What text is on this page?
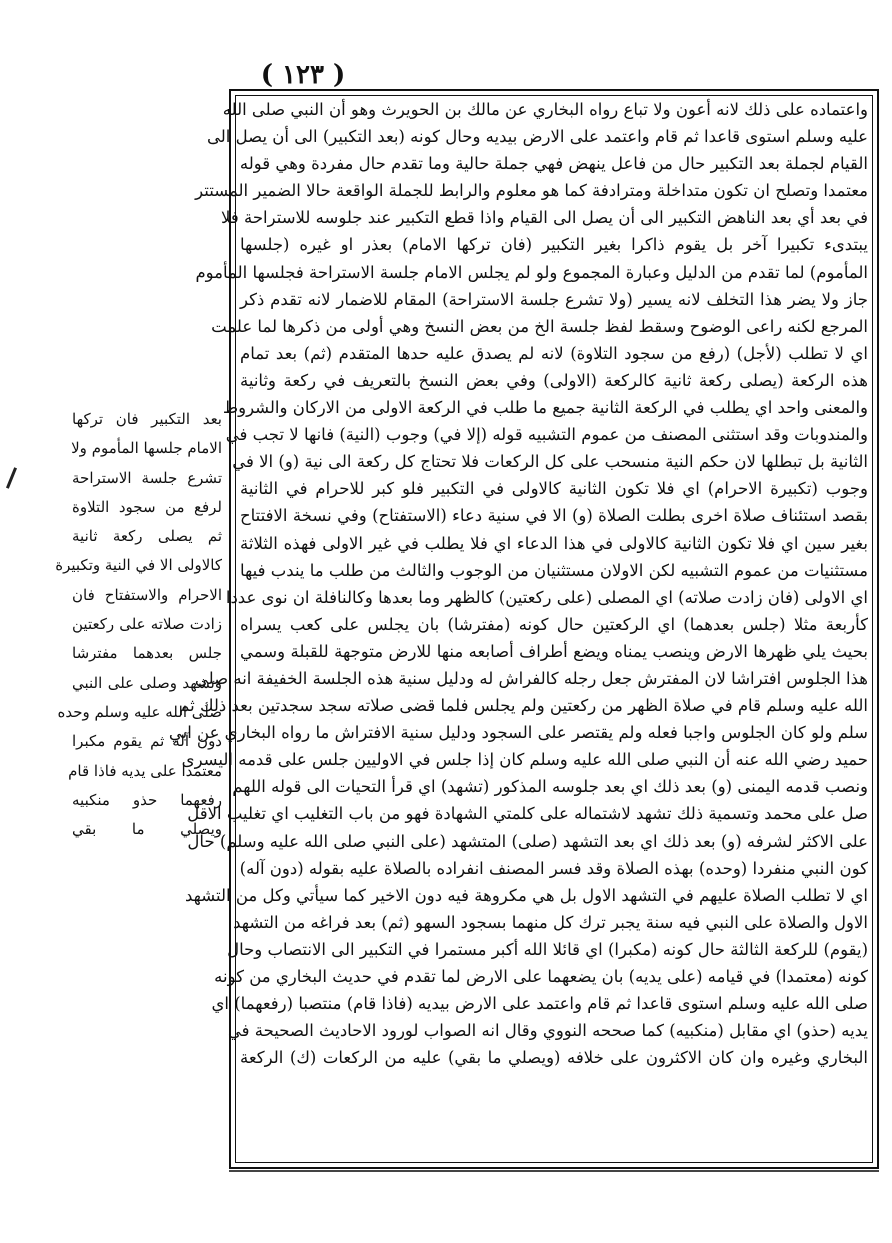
( ١٢٣ )
واعتماده على ذلك لانه أعون ولا تباع رواه البخاري عن مالك بن الحويرث وهو أن النبي صلى الله
عليه وسلم استوى قاعدا ثم قام واعتمد على الارض بيديه وحال كونه (بعد التكبير) الى أن يصل الى
القيام لجملة بعد التكبير حال من فاعل ينهض فهي جملة حالية وما تقدم حال مفردة وهي قوله
معتمدا وتصلح ان تكون متداخلة ومترادفة كما هو معلوم والرابط للجملة الواقعة حالا الضمير المستتر
في بعد أي بعد الناهض التكبير الى أن يصل الى القيام واذا قطع التكبير عند جلوسه للاستراحة فلا
يبتدىء تكبيرا آخر بل يقوم ذاكرا بغير التكبير (فان تركها الامام) بعذر او غيره (جلسها
المأموم) لما تقدم من الدليل وعبارة المجموع ولو لم يجلس الامام جلسة الاستراحة فجلسها المأموم
جاز ولا يضر هذا التخلف لانه يسير (ولا تشرع جلسة الاستراحة) المقام للاضمار لانه تقدم ذكر
المرجع لكنه راعى الوضوح وسقط لفظ جلسة الخ من بعض النسخ وهي أولى من ذكرها لما علمت
اي لا تطلب (لأجل) (رفع من سجود التلاوة) لانه لم يصدق عليه حدها المتقدم (ثم) بعد تمام
هذه الركعة (يصلى ركعة ثانية كالركعة (الاولى) وفي بعض النسخ بالتعريف في ركعة وثانية
والمعنى واحد اي يطلب في الركعة الثانية جميع ما طلب في الركعة الاولى من الاركان والشروط
والمندوبات وقد استثنى المصنف من عموم التشبيه قوله (إلا في) وجوب (النية) فانها لا تجب في
الثانية بل تبطلها لان حكم النية منسحب على كل الركعات فلا تحتاج كل ركعة الى نية (و) الا في
وجوب (تكبيرة الاحرام) اي فلا تكون الثانية كالاولى في التكبير فلو كبر للاحرام في الثانية
بقصد استئناف صلاة اخرى بطلت الصلاة (و) الا في سنية دعاء (الاستفتاح) وفي نسخة الافتتاح
بغير سين اي فلا تكون الثانية كالاولى في هذا الدعاء اي فلا يطلب في غير الاولى فهذه الثلاثة
مستثنيات من عموم التشبيه لكن الاولان مستثنيان من الوجوب والثالث من طلب ما يندب فيها
اي الاولى (فان زادت صلاته) اي المصلى (على ركعتين) كالظهر وما بعدها وكالنافلة ان نوى عددا
كأربعة مثلا (جلس بعدهما) اي الركعتين حال كونه (مفترشا) بان يجلس على كعب يسراه
بحيث يلي ظهرها الارض وينصب يمناه ويضع أطراف أصابعه منها للارض متوجهة للقبلة وسمي
هذا الجلوس افتراشا لان المفترش جعل رجله كالفراش له ودليل سنية هذه الجلسة الخفيفة انه صلى
الله عليه وسلم قام في صلاة الظهر من ركعتين ولم يجلس فلما قضى صلاته سجد سجدتين بعد ذلك ثم
سلم ولو كان الجلوس واجبا فعله ولم يقتصر على السجود ودليل سنية الافتراش ما رواه البخاري عن ابي
حميد رضي الله عنه أن النبي صلى الله عليه وسلم كان إذا جلس في الاوليين جلس على قدمه اليسرى
ونصب قدمه اليمنى (و) بعد ذلك اي بعد جلوسه المذكور (تشهد) اي قرأ التحيات الى قوله اللهم
صل على محمد وتسمية ذلك تشهد لاشتماله على كلمتي الشهادة فهو من باب التغليب اي تغليب الاقل
على الاكثر لشرفه (و) بعد ذلك اي بعد التشهد (صلى) المتشهد (على النبي صلى الله عليه وسلم) حال
كون النبي منفردا (وحده) بهذه الصلاة وقد فسر المصنف انفراده بالصلاة عليه بقوله (دون آله)
اي لا تطلب الصلاة عليهم في التشهد الاول بل هي مكروهة فيه دون الاخير كما سيأتي وكل من التشهد
الاول والصلاة على النبي فيه سنة يجبر ترك كل منهما بسجود السهو (ثم) بعد فراغه من التشهد
(يقوم) للركعة الثالثة حال كونه (مكبرا) اي قائلا الله أكبر مستمرا في التكبير الى الانتصاب وحال
كونه (معتمدا) في قيامه (على يديه) بان يضعهما على الارض لما تقدم في حديث البخاري من كونه
صلى الله عليه وسلم استوى قاعدا ثم قام واعتمد على الارض بيديه (فاذا قام) منتصبا (رفعهما) اي
يديه (حذو) اي مقابل (منكبيه) كما صححه النووي وقال انه الصواب لورود الاحاديث الصحيحة في
البخاري وغيره وان كان الاكثرون على خلافه (ويصلي ما بقي) عليه من الركعات (ك) الركعة
بعد التكبير فان تركها
الامام جلسها المأموم ولا
تشرع جلسة الاستراحة
لرفع من سجود التلاوة
ثم يصلى ركعة ثانية
كالاولى الا في النية وتكبيرة
الاحرام والاستفتاح فان
زادت صلاته على ركعتين
جلس بعدهما مفترشا
وتشهد وصلى على النبي
صلى الله عليه وسلم وحده
دون آله ثم يقوم مكبرا
معتمدا على يديه فاذا قام
رفعهما حذو منكبيه
ويصلي ما بقي
